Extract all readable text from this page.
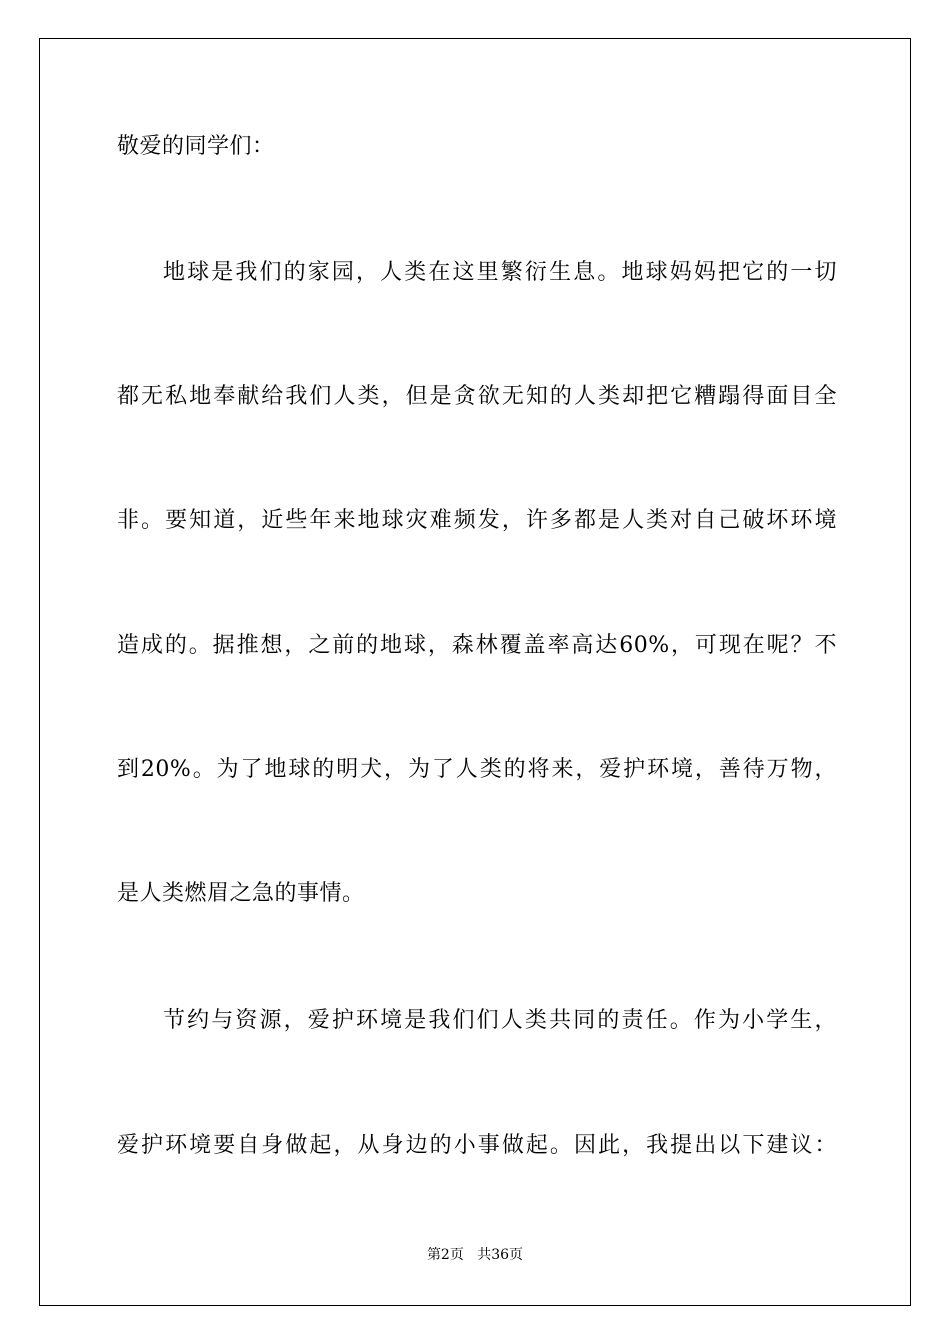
敬爱的同学们：
地球是我们的家园，人类在这里繁衍生息。地球妈妈把它的一切
都无私地奉献给我们人类，但是贪欲无知的人类却把它糟蹋得面目全
非。要知道，近些年来地球灾难频发，许多都是人类对自己破坏环境
造成的。据推想，之前的地球，森林覆盖率高达60%，可现在呢？不
到20%。为了地球的明犬，为了人类的将来，爱护环境，善待万物，
是人类燃眉之急的事情。
节约与资源，爱护环境是我们们人类共同的责任。作为小学生，
爱护环境要自身做起，从身边的小事做起。因此，我提出以下建议：
第2页 共36页
